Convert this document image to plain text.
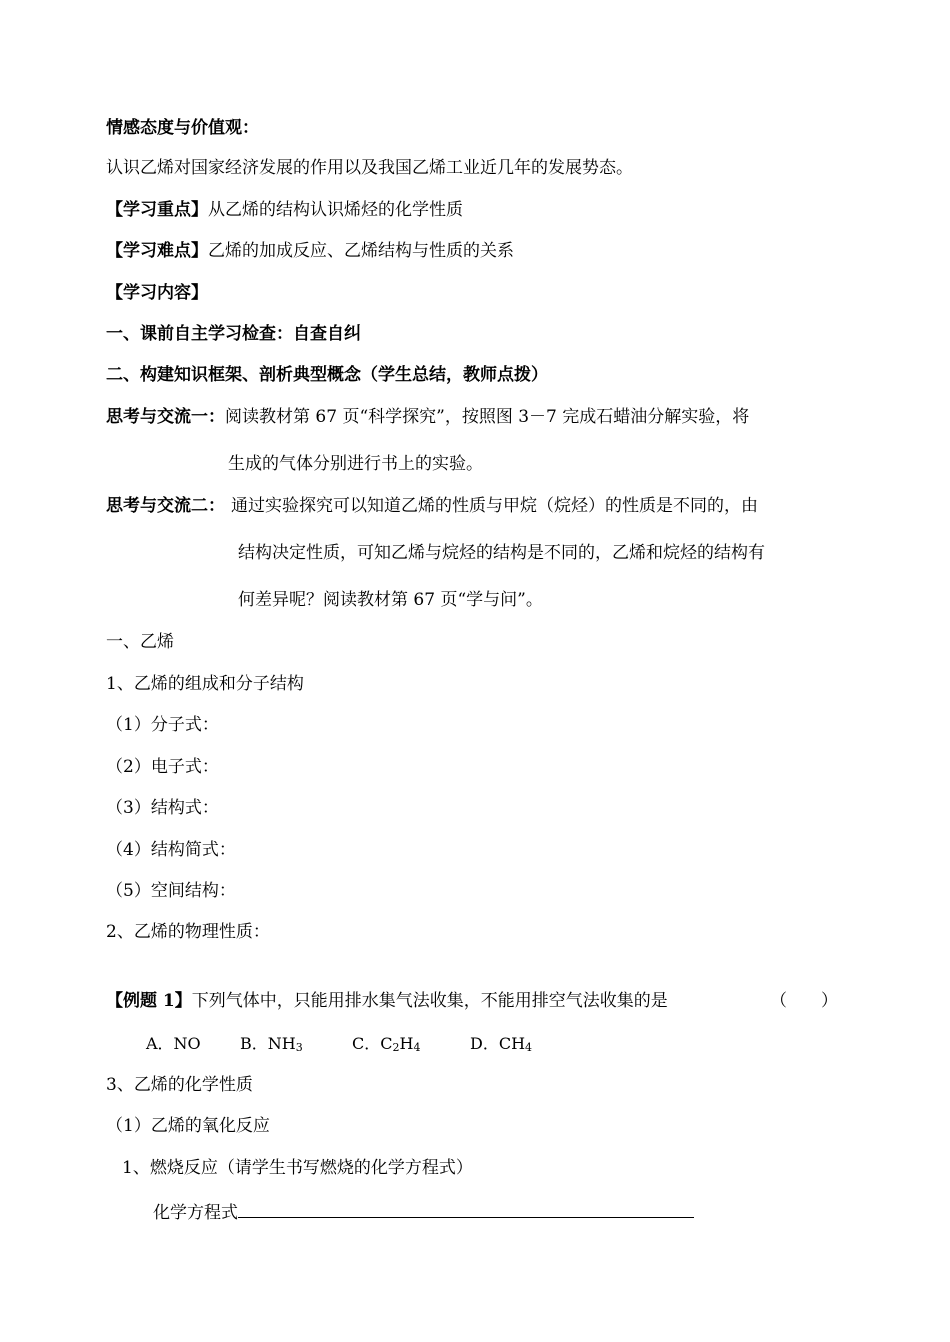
情感态度与价值观：
认识乙烯对国家经济发展的作用以及我国乙烯工业近几年的发展势态。
【学习重点】从乙烯的结构认识烯烃的化学性质
【学习难点】乙烯的加成反应、乙烯结构与性质的关系
【学习内容】
一、课前自主学习检查：自查自纠
二、构建知识框架、剖析典型概念（学生总结，教师点拨）
思考与交流一：阅读教材第 67 页“科学探究”，按照图 3－7 完成石蜡油分解实验，将
生成的气体分别进行书上的实验。
思考与交流二： 通过实验探究可以知道乙烯的性质与甲烷（烷烃）的性质是不同的，由
结构决定性质，可知乙烯与烷烃的结构是不同的，乙烯和烷烃的结构有
何差异呢？阅读教材第 67 页“学与问”。
一、乙烯
1、乙烯的组成和分子结构
（1）分子式：
（2）电子式：
（3）结构式：
（4）结构简式：
（5）空间结构：
2、乙烯的物理性质：
【例题 1】下列气体中，只能用排水集气法收集，不能用排空气法收集的是	（　　）
A．NO B．$NH_3$	C．$C_2H_4$	D．$CH_4$
3、乙烯的化学性质
（1）乙烯的氧化反应
1、燃烧反应（请学生书写燃烧的化学方程式）
化学方程式
